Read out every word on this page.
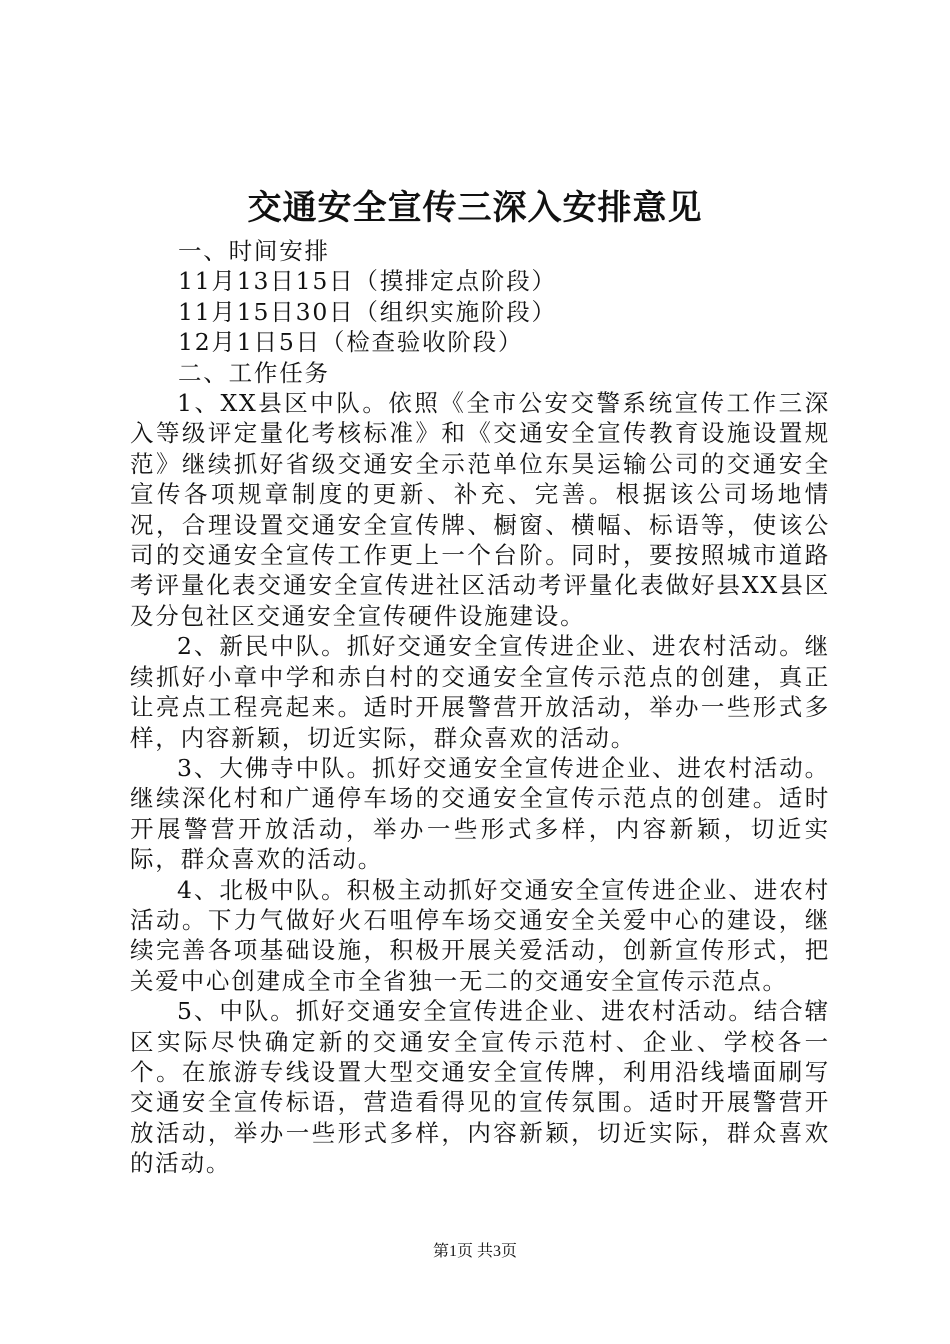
交通安全宣传三深入安排意见
一、时间安排
11月13日15日（摸排定点阶段）
11月15日30日（组织实施阶段）
12月1日5日（检查验收阶段）
二、工作任务

1、XX县区中队。依照《全市公安交警系统宣传工作三深入等级评定量化考核标准》和《交通安全宣传教育设施设置规范》继续抓好省级交通安全示范单位东昊运输公司的交通安全宣传各项规章制度的更新、补充、完善。根据该公司场地情况，合理设置交通安全宣传牌、橱窗、横幅、标语等，使该公司的交通安全宣传工作更上一个台阶。同时，要按照城市道路考评量化表交通安全宣传进社区活动考评量化表做好县XX县区及分包社区交通安全宣传硬件设施建设。

2、新民中队。抓好交通安全宣传进企业、进农村活动。继续抓好小章中学和赤白村的交通安全宣传示范点的创建，真正让亮点工程亮起来。适时开展警营开放活动，举办一些形式多样，内容新颖，切近实际，群众喜欢的活动。

3、大佛寺中队。抓好交通安全宣传进企业、进农村活动。继续深化村和广通停车场的交通安全宣传示范点的创建。适时开展警营开放活动，举办一些形式多样，内容新颖，切近实际，群众喜欢的活动。

4、北极中队。积极主动抓好交通安全宣传进企业、进农村活动。下力气做好火石咀停车场交通安全关爱中心的建设，继续完善各项基础设施，积极开展关爱活动，创新宣传形式，把关爱中心创建成全市全省独一无二的交通安全宣传示范点。

5、中队。抓好交通安全宣传进企业、进农村活动。结合辖区实际尽快确定新的交通安全宣传示范村、企业、学校各一个。在旅游专线设置大型交通安全宣传牌，利用沿线墙面刷写交通安全宣传标语，营造看得见的宣传氛围。适时开展警营开放活动，举办一些形式多样，内容新颖，切近实际，群众喜欢的活动。

第1页 共3页
